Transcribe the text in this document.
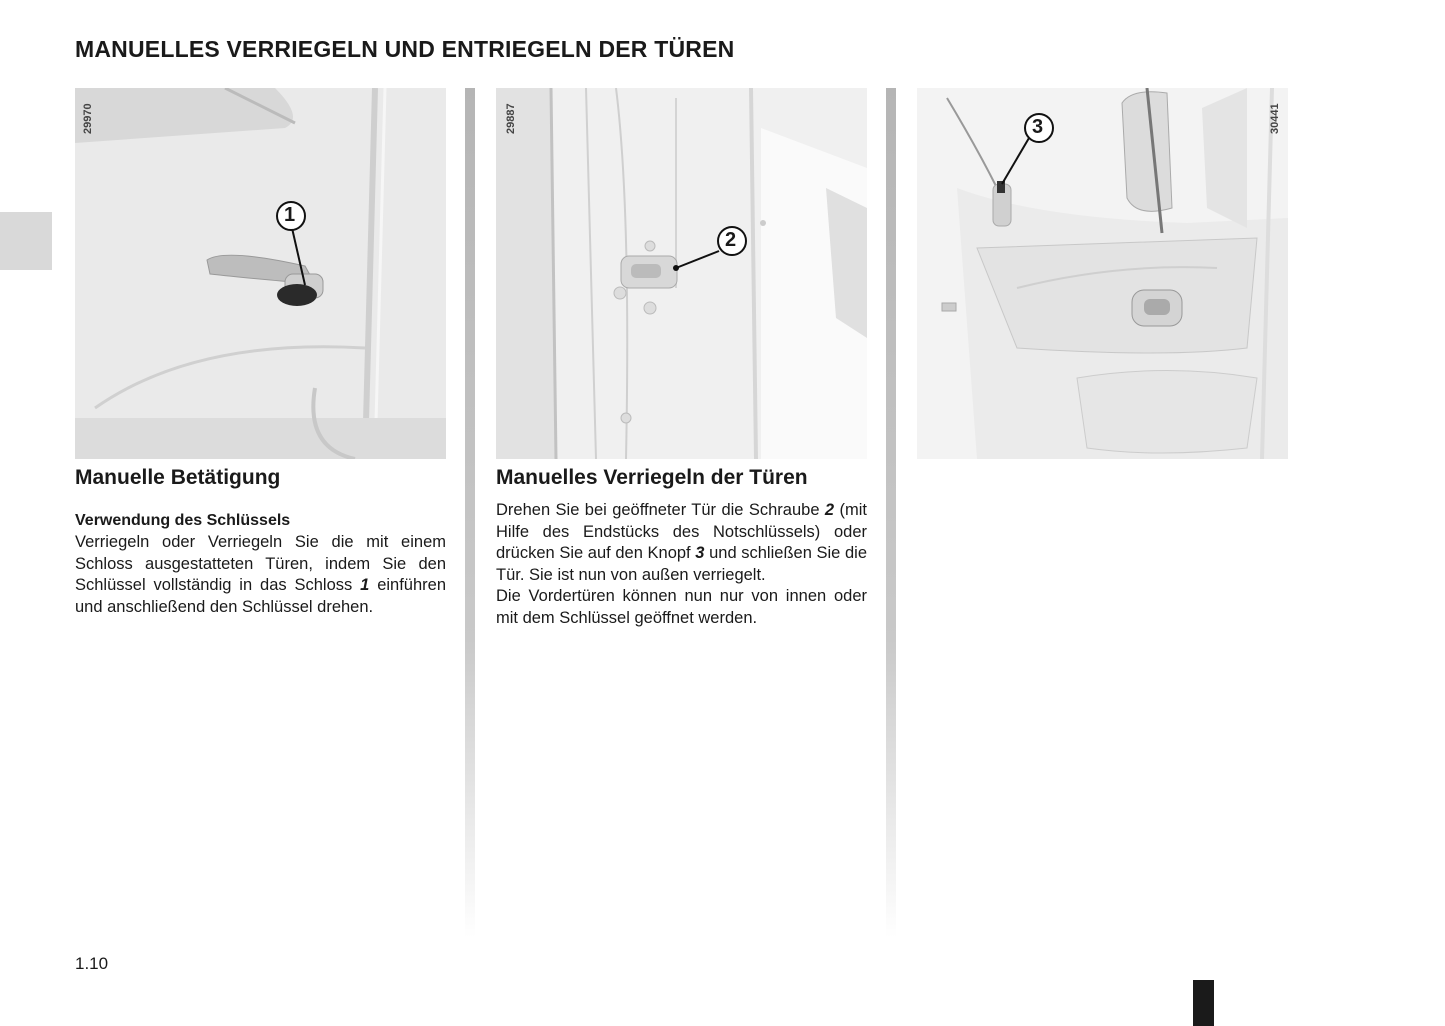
MANUELLES VERRIEGELN UND ENTRIEGELN DER TÜREN
29970
1
29887
2
30441
3
Manuelle Betätigung
Verwendung des Schlüssels

Verriegeln oder Verriegeln Sie die mit einem Schloss ausgestatteten Türen, indem Sie den Schlüssel vollständig in das Schloss 1 einführen und anschließend den Schlüssel drehen.

Manuelles Verriegeln der Türen

Drehen Sie bei geöffneter Tür die Schraube 2 (mit Hilfe des Endstücks des Notschlüssels) oder drücken Sie auf den Knopf 3 und schließen Sie die Tür. Sie ist nun von außen verriegelt.

Die Vordertüren können nun nur von innen oder mit dem Schlüssel geöffnet werden.

1.10
